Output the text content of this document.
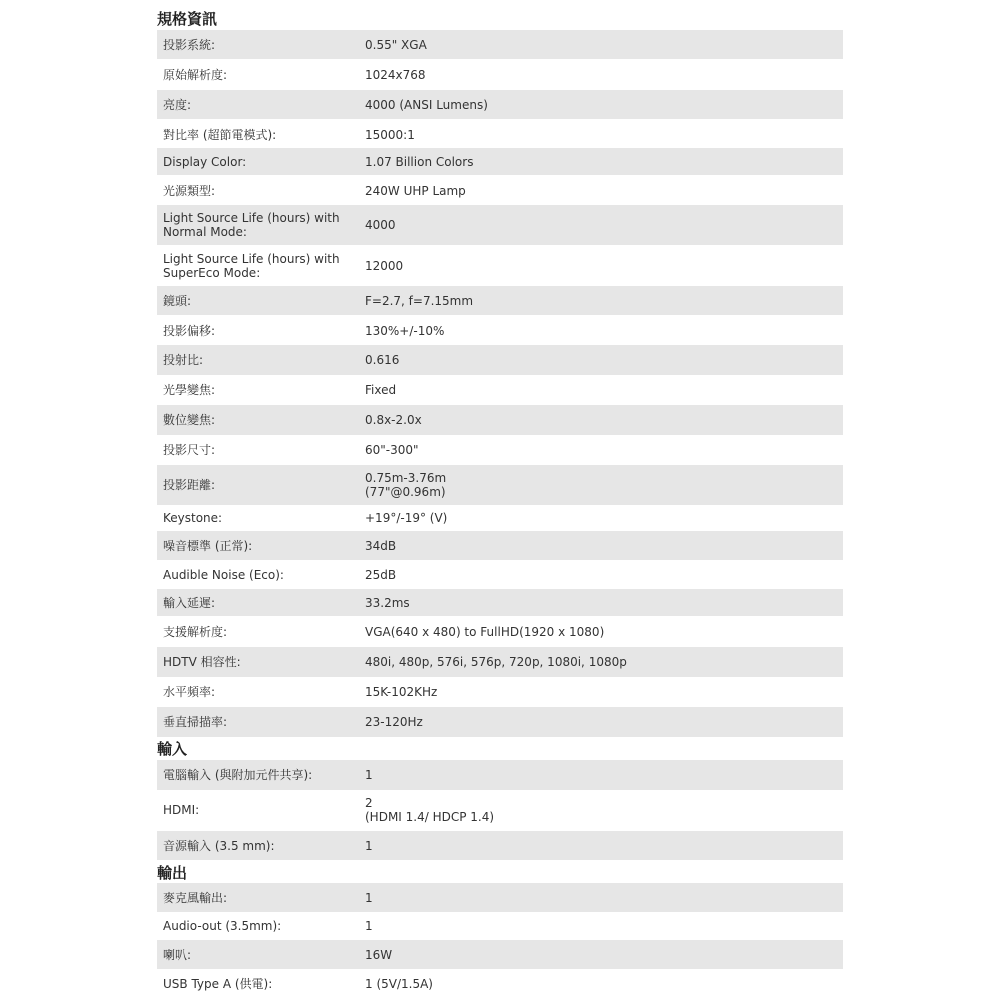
規格資訊
投影系統:	0.55" XGA
原始解析度:	1024x768
亮度:	4000 (ANSI Lumens)
對比率 (超節電模式):	15000:1
Display Color:	1.07 Billion Colors
光源類型:	240W UHP Lamp
Light Source Life (hours) with
Normal Mode:	4000
Light Source Life (hours) with
SuperEco Mode:	12000
鏡頭:	F=2.7, f=7.15mm
投影偏移:	130%+/-10%
投射比:	0.616
光學變焦:	Fixed
數位變焦:	0.8x-2.0x
投影尺寸:	60"-300"
投影距離:	0.75m-3.76m
(77"@0.96m)
Keystone:	+19°/-19° (V)
噪音標準 (正常):	34dB
Audible Noise (Eco):	25dB
輸入延遲:	33.2ms
支援解析度:	VGA(640 x 480) to FullHD(1920 x 1080)
HDTV 相容性:	480i, 480p, 576i, 576p, 720p, 1080i, 1080p
水平頻率:	15K-102KHz
垂直掃描率:	23-120Hz
輸入
電腦輸入 (與附加元件共享):	1
HDMI:	2
(HDMI 1.4/ HDCP 1.4)
音源輸入 (3.5 mm):	1
輸出
麥克風輸出:	1
Audio-out (3.5mm):	1
喇叭:	16W
USB Type A (供電):	1 (5V/1.5A)
